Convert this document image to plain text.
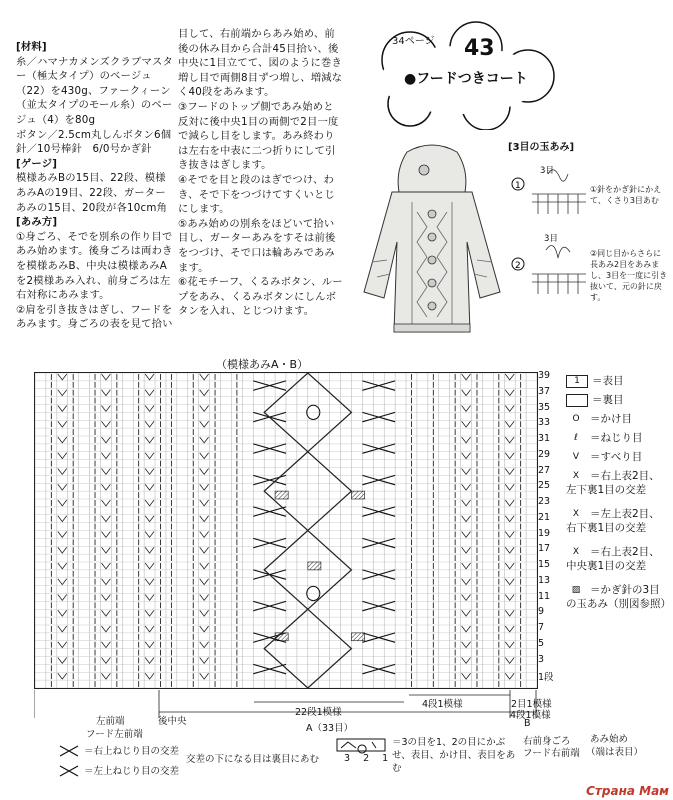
[材料]

糸／ハマナカメンズクラブマスター（極太タイプ）のベージュ（22）を430g、ファークィーン（並太タイプのモール糸）のベージュ（4）を80g

ボタン／2.5cm丸しんボタン6個

針／10号棒針　6/0号かぎ針

[ゲージ]

模様あみBの15目、22段、模様あみAの19目、22段、ガーターあみの15目、20段が各10cm角

[あみ方]

①身ごろ、そでを別糸の作り目であみ始めます。後身ごろは両わきを模様あみB、中央は模様あみAを2模様あみ入れ、前身ごろは左右対称にあみます。

②肩を引き抜きはぎし、フードをあみます。身ごろの表を見て拾い

目して、右前端からあみ始め、前後の休み目から合計45目拾い、後中央に1目立てて、図のように巻き増し目で両側8目ずつ増し、増減なく40段をあみます。

③フードのトップ側であみ始めと反対に後中央1目の両側で2目一度で減らし目をします。あみ終わりは左右を中表に二つ折りにして引き抜きはぎします。

④そでを目と段のはぎでつけ、わき、そで下をつづけてすくいとじにします。

⑤あみ始めの別糸をほどいて拾い目し、ガーターあみをすそは前後をつづけ、そで口は輪あみであみます。

⑥花モチーフ、くるみボタン、ループをあみ、くるみボタンにしんボタンを入れ、とじつけます。

34ページ 43
●フードつきコート
[3目の玉あみ]
1
2
3目
①針をかぎ針にかえて、くさり3目あむ
3目
②同じ目からさらに長あみ2目をあみまし、3目を一度に引き抜いて、元の針に戻す。
（模様あみA・B）
39
37
35
33
31
29
27
25
23
21
19
17
15
13
11
9
7
5
3
1段
1 ＝表目
＝裏目
O ＝かけ目
ℓ ＝ねじり目
V ＝すべり目
X ＝右上表2目、左下裏1目の交差
X ＝左上表2目、右下裏1目の交差
X ＝右上表2目、中央裏1目の交差
▨ ＝かぎ針の3目の玉あみ（別図参照）
22段1模様
4段1模様	2目1模様
4段1模様
左前端
フード左前端
後中央
A（33目）	B
右前身ごろ
フード右前端
あみ始め
（端は表目）
＝右上ねじり目の交差
＝左上ねじり目の交差
交差の下になる目は裏目にあむ	3 2 1
＝3の目を1、2の目にかぶせ、表目、かけ目、表目をあむ
Страна Мам
